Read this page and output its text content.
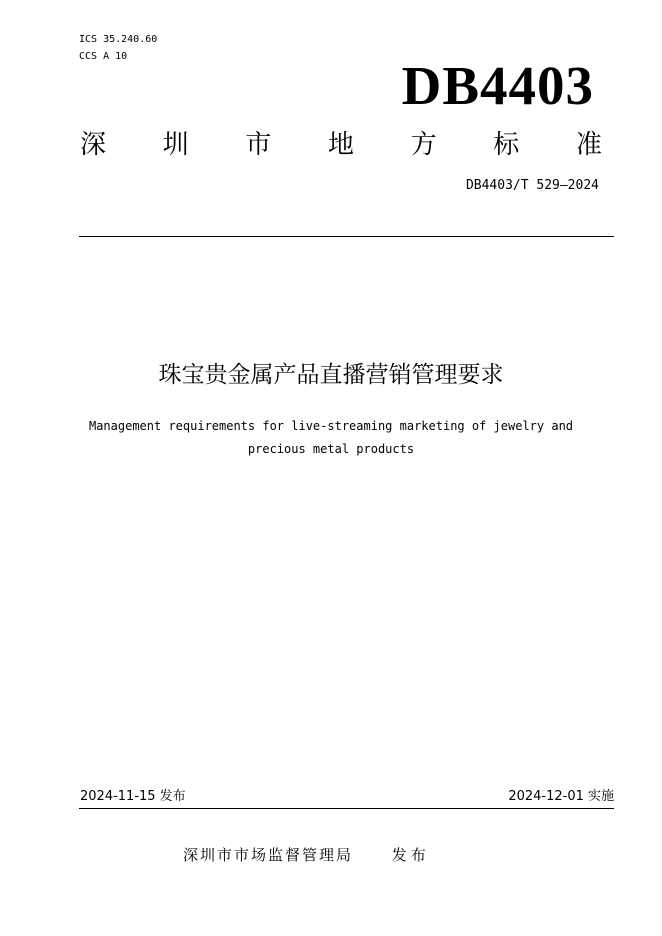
ICS 35.240.60
CCS A 10	DB4403
深 圳 市 地 方 标 准
DB4403/T 529—2024
珠宝贵金属产品直播营销管理要求
Management requirements for live-streaming marketing of jewelry and
precious metal products
2024-11-15 发布	2024-12-01 实施
深圳市市场监督管理局	发布
